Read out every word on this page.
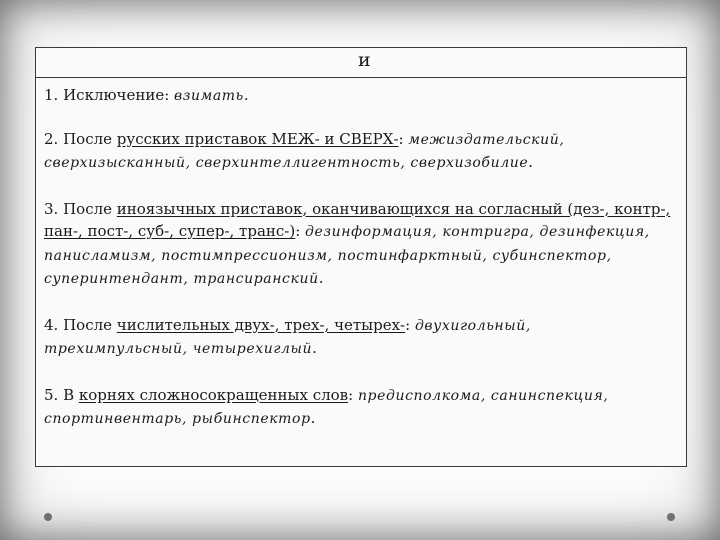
и

1. Исключение: взимать.

2. После русских приставок МЕЖ- и СВЕРХ-: межиздательский, сверхизысканный, сверхинтеллигентность, сверхизобилие.

3. После иноязычных приставок, оканчивающихся на согласный (дез-, контр-, пан-, пост-, суб-, супер-, транс-): дезинформация, контригра, дезинфекция, панисламизм, постимпрессионизм, постинфарктный, субинспектор, суперинтендант, трансиранский.

4. После числительных двух-, трех-, четырех-: двухигольный, трехимпульсный, четырехиглый.

5. В корнях сложносокращенных слов: предисполкома, санинспекция, спортинвентарь, рыбинспектор.
